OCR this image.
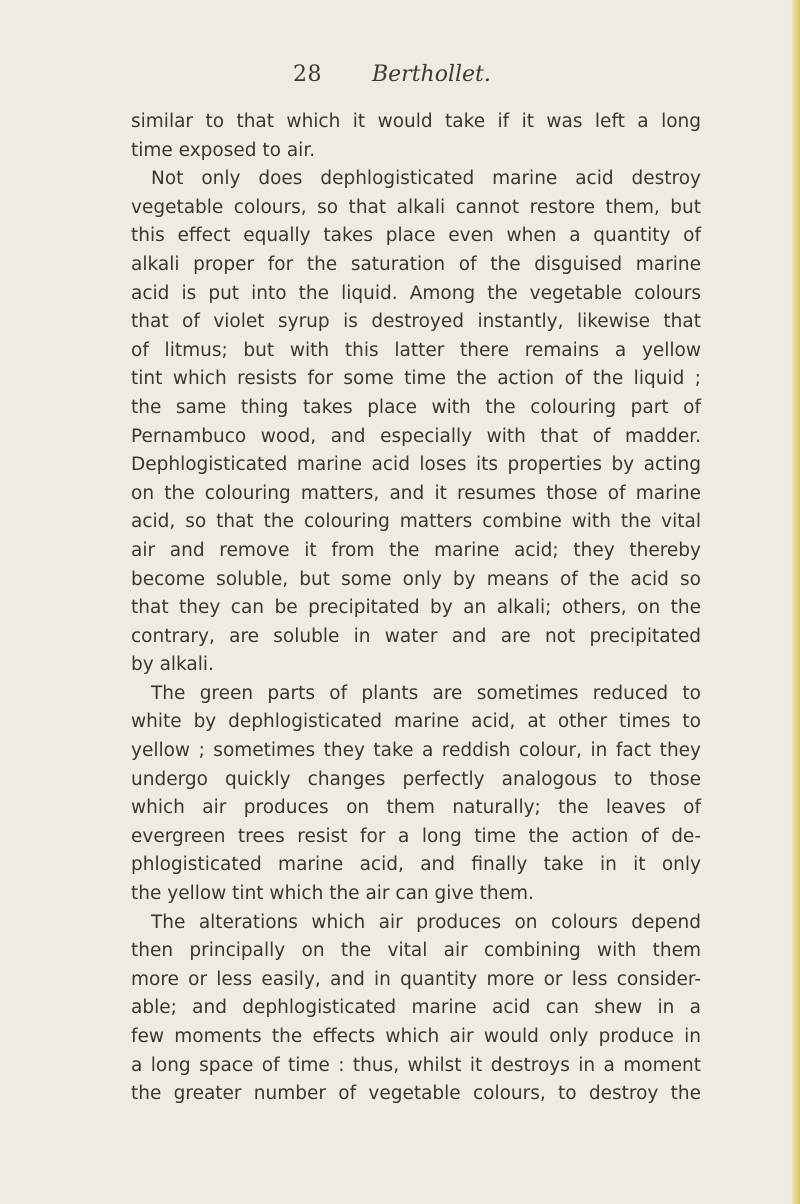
28 Berthollet.
similar to that which it would take if it was left a long
time exposed to air.
Not only does dephlogisticated marine acid destroy
vegetable colours, so that alkali cannot restore them, but
this effect equally takes place even when a quantity of
alkali proper for the saturation of the disguised marine
acid is put into the liquid. Among the vegetable colours
that of violet syrup is destroyed instantly, likewise that
of litmus; but with this latter there remains a yellow
tint which resists for some time the action of the liquid ;
the same thing takes place with the colouring part of
Pernambuco wood, and especially with that of madder.
Dephlogisticated marine acid loses its properties by acting
on the colouring matters, and it resumes those of marine
acid, so that the colouring matters combine with the vital
air and remove it from the marine acid; they thereby
become soluble, but some only by means of the acid so
that they can be precipitated by an alkali; others, on the
contrary, are soluble in water and are not precipitated
by alkali.
The green parts of plants are sometimes reduced to
white by dephlogisticated marine acid, at other times to
yellow ; sometimes they take a reddish colour, in fact they
undergo quickly changes perfectly analogous to those
which air produces on them naturally; the leaves of
evergreen trees resist for a long time the action of de-
phlogisticated marine acid, and finally take in it only
the yellow tint which the air can give them.
The alterations which air produces on colours depend
then principally on the vital air combining with them
more or less easily, and in quantity more or less consider-
able; and dephlogisticated marine acid can shew in a
few moments the effects which air would only produce in
a long space of time : thus, whilst it destroys in a moment
the greater number of vegetable colours, to destroy the
